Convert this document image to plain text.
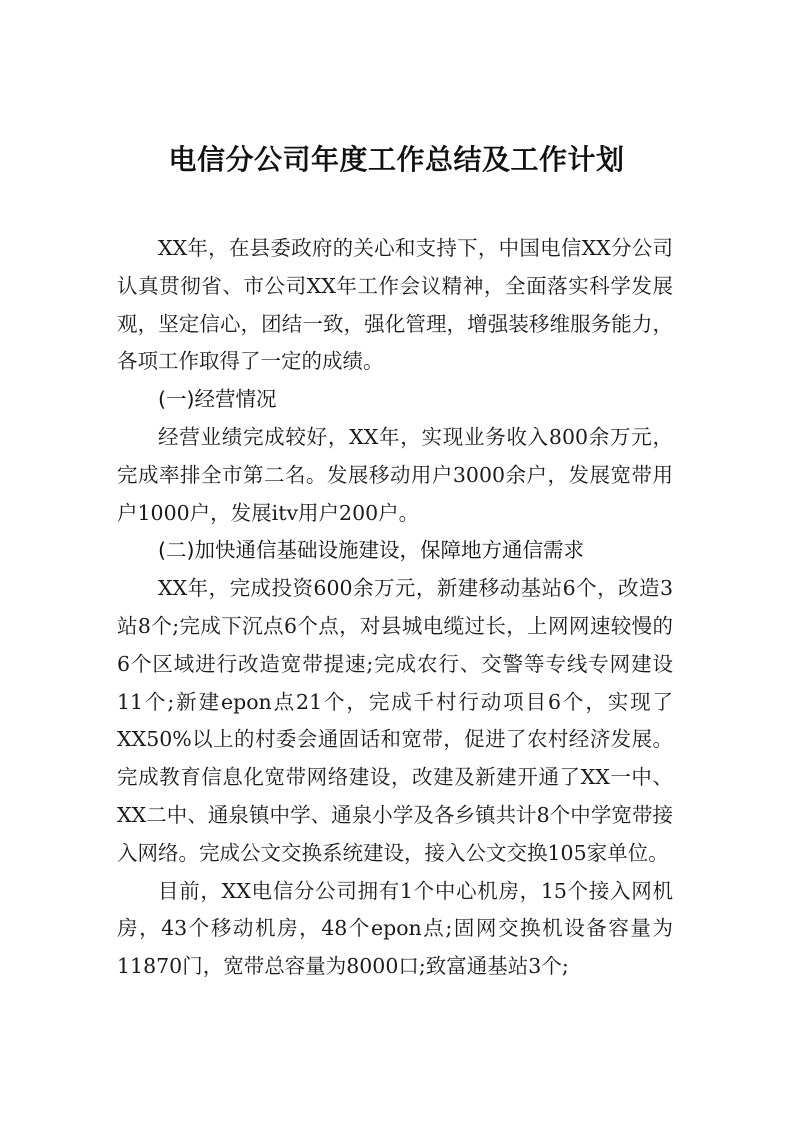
电信分公司年度工作总结及工作计划

XX年，在县委政府的关心和支持下，中国电信XX分公司认真贯彻省、市公司XX年工作会议精神，全面落实科学发展观，坚定信心，团结一致，强化管理，增强装移维服务能力，各项工作取得了一定的成绩。

(一)经营情况

经营业绩完成较好，XX年，实现业务收入800余万元，完成率排全市第二名。发展移动用户3000余户，发展宽带用户1000户，发展itv用户200户。

(二)加快通信基础设施建设，保障地方通信需求

XX年，完成投资600余万元，新建移动基站6个，改造3站8个;完成下沉点6个点，对县城电缆过长，上网网速较慢的6个区域进行改造宽带提速;完成农行、交警等专线专网建设11个;新建epon点21个，完成千村行动项目6个，实现了XX50%以上的村委会通固话和宽带，促进了农村经济发展。完成教育信息化宽带网络建设，改建及新建开通了XX一中、XX二中、通泉镇中学、通泉小学及各乡镇共计8个中学宽带接入网络。完成公文交换系统建设，接入公文交换105家单位。

目前，XX电信分公司拥有1个中心机房，15个接入网机房，43个移动机房，48个epon点;固网交换机设备容量为11870门，宽带总容量为8000口;致富通基站3个;
